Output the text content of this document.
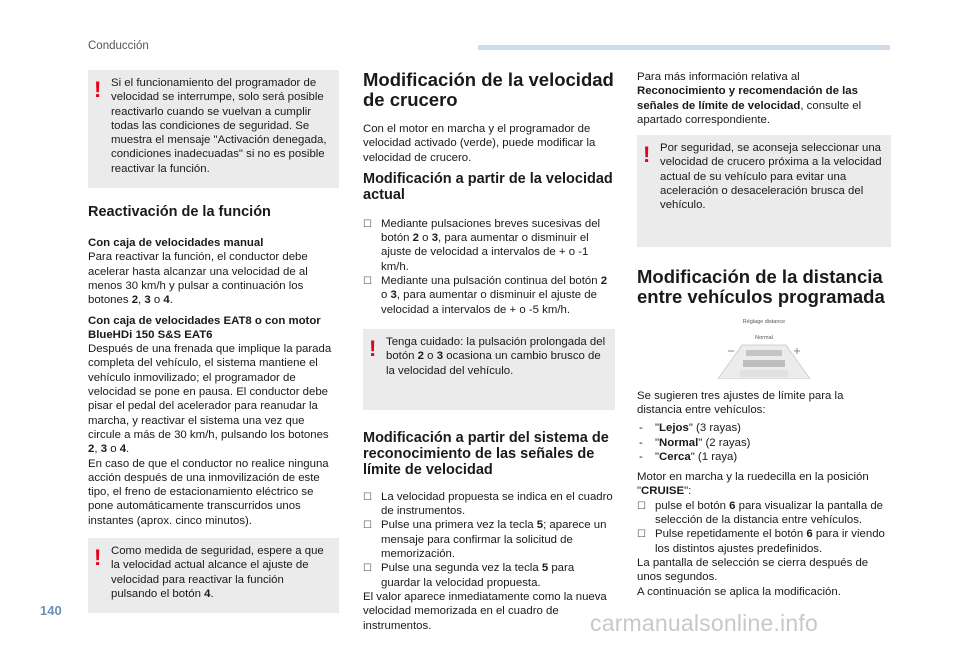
Conducción
! Si el funcionamiento del programador de velocidad se interrumpe, solo será posible reactivarlo cuando se vuelvan a cumplir todas las condiciones de seguridad. Se muestra el mensaje "Activación denegada, condiciones inadecuadas" si no es posible reactivar la función.

Reactivación de la función

Con caja de velocidades manual
Para reactivar la función, el conductor debe acelerar hasta alcanzar una velocidad de al menos 30 km/h y pulsar a continuación los botones 2, 3 o 4.

Con caja de velocidades EAT8 o con motor
BlueHDi 150 S&S EAT6
Después de una frenada que implique la parada completa del vehículo, el sistema mantiene el vehículo inmovilizado; el programador de velocidad se pone en pausa. El conductor debe pisar el pedal del acelerador para reanudar la marcha, y reactivar el sistema una vez que circule a más de 30 km/h, pulsando los botones 2, 3 o 4.
En caso de que el conductor no realice ninguna acción después de una inmovilización de este tipo, el freno de estacionamiento eléctrico se pone automáticamente transcurridos unos instantes (aprox. cinco minutos).

! Como medida de seguridad, espere a que la velocidad actual alcance el ajuste de velocidad para reactivar la función pulsando el botón 4.

Modificación de la velocidad de crucero

Con el motor en marcha y el programador de velocidad activado (verde), puede modificar la velocidad de crucero.

Modificación a partir de la velocidad actual

☐ Mediante pulsaciones breves sucesivas del botón 2 o 3, para aumentar o disminuir el ajuste de velocidad a intervalos de + o -1 km/h.

☐ Mediante una pulsación continua del botón 2 o 3, para aumentar o disminuir el ajuste de velocidad a intervalos de + o -5 km/h.

! Tenga cuidado: la pulsación prolongada del botón 2 o 3 ocasiona un cambio brusco de la velocidad del vehículo.

Modificación a partir del sistema de reconocimiento de las señales de límite de velocidad

☐ La velocidad propuesta se indica en el cuadro de instrumentos.

☐ Pulse una primera vez la tecla 5; aparece un mensaje para confirmar la solicitud de memorización.

☐ Pulse una segunda vez la tecla 5 para guardar la velocidad propuesta.

El valor aparece inmediatamente como la nueva velocidad memorizada en el cuadro de instrumentos.

Para más información relativa al Reconocimiento y recomendación de las señales de límite de velocidad, consulte el apartado correspondiente.

! Por seguridad, se aconseja seleccionar una velocidad de crucero próxima a la velocidad actual de su vehículo para evitar una aceleración o desaceleración brusca del vehículo.

Modificación de la distancia entre vehículos programada
Réglage distance
Normal

Se sugieren tres ajustes de límite para la distancia entre vehículos:

- "Lejos" (3 rayas)

- "Normal" (2 rayas)

- "Cerca" (1 raya)

Motor en marcha y la ruedecilla en la posición "CRUISE":

☐ pulse el botón 6 para visualizar la pantalla de selección de la distancia entre vehículos.

☐ Pulse repetidamente el botón 6 para ir viendo los distintos ajustes predefinidos.

La pantalla de selección se cierra después de unos segundos.

A continuación se aplica la modificación.

140	carmanualsonline.info
